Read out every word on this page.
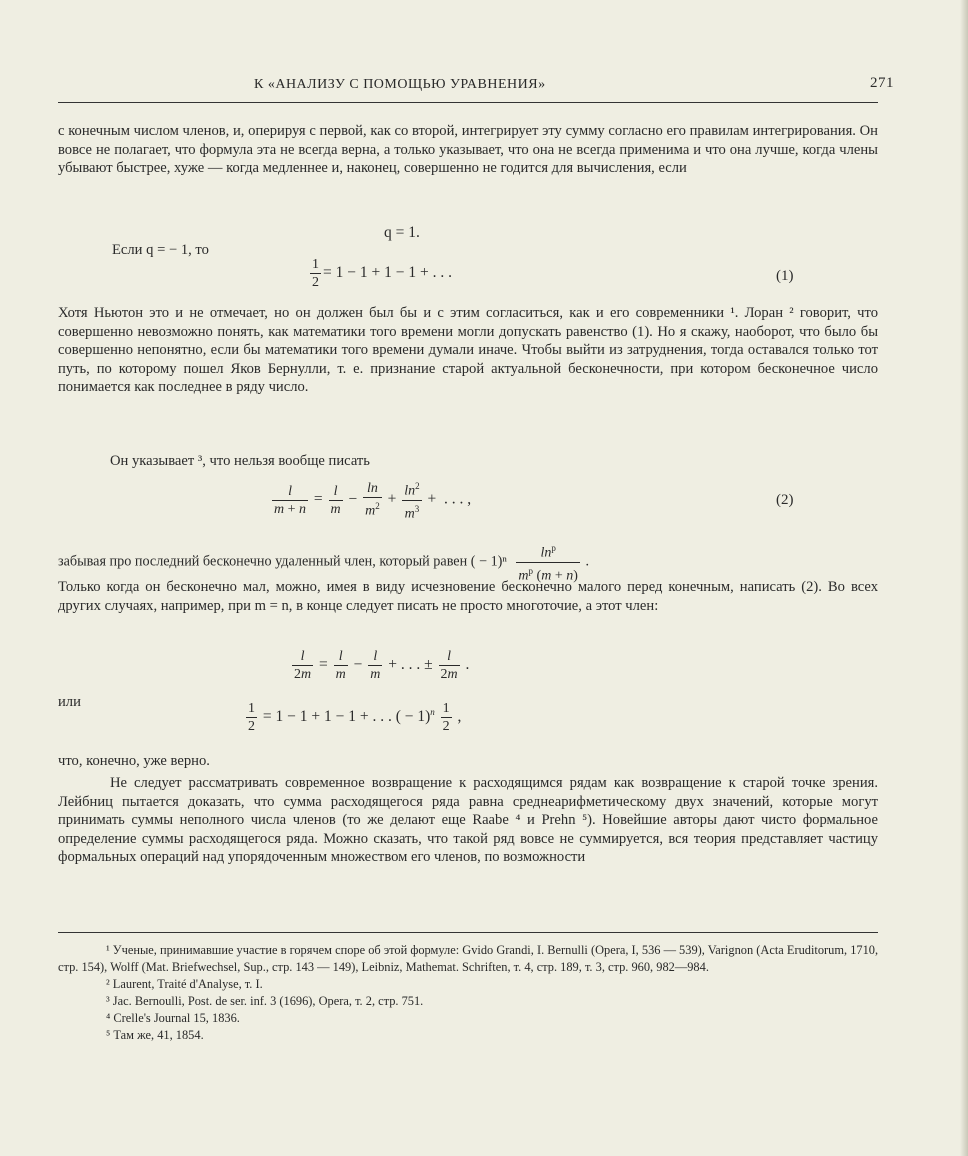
К «АНАЛИЗУ С ПОМОЩЬЮ УРАВНЕНИЯ»	271

с конечным числом членов, и, оперируя с первой, как со второй, интегрирует эту сумму согласно его правилам интегрирования. Он вовсе не полагает, что формула эта не всегда верна, а только указывает, что она не всегда применима и что она лучше, когда члены убывают быстрее, хуже — когда медленнее и, наконец, совершенно не годится для вычисления, если

q = 1.
Если q = − 1, то
$\frac{1}{2} = 1 - 1 + 1 - 1$ + . . .	(1)

Хотя Ньютон это и не отмечает, но он должен был бы и с этим согласиться, как и его современники ¹. Лоран ² говорит, что совершенно невозможно понять, как математики того времени могли допускать равенство (1). Но я скажу, наоборот, что было бы совершенно непонятно, если бы математики того времени думали иначе. Чтобы выйти из затруднения, тогда оставался только тот путь, по которому пошел Яков Бернулли, т. е. признание старой актуальной бесконечности, при котором бесконечное число понимается как последнее в ряду число.

Он указывает ³, что нельзя вообще писать

$\frac{l}{m + n} = \frac{l}{m} - \frac{\ln}{m^2} + \frac{\ln^2}{m^3}$ +  . . . ,	(2)
забывая про последний бесконечно удаленный член, который равен ( − $1)^n \frac{\ln^p}{m^p (m + n)}$ .

Только когда он бесконечно мал, можно, имея в виду исчезновение бесконечно малого перед конечным, написать (2). Во всех других случаях, например, при m = n, в конце следует писать не просто многоточие, а этот член:

$\frac{l}{2m} = \frac{l}{m} - \frac{l}{m}$ + . . . ± $\frac{l}{2m}$ .
или	$\frac{1}{2} = 1 - 1 + 1 - 1$ + . . . ( − $1)^n \frac{1}{2}$ ,

что, конечно, уже верно.

Не следует рассматривать современное возвращение к расходящимся рядам как возвращение к старой точке зрения. Лейбниц пытается доказать, что сумма расходящегося ряда равна среднеарифметическому двух значений, которые могут принимать суммы неполного числа членов (то же делают еще Raabe ⁴ и Prehn ⁵). Новейшие авторы дают чисто формальное определение суммы расходящегося ряда. Можно сказать, что такой ряд вовсе не суммируется, вся теория представляет частицу формальных операций над упорядоченным множеством его членов, по возможности

¹ Ученые, принимавшие участие в горячем споре об этой формуле: Gvido Grandi, I. Bernulli (Opera, I, 536 — 539), Varignon (Acta Eruditorum, 1710, стр. 154), Wolff (Mat. Briefwechsel, Sup., стр. 143 — 149), Leibniz, Mathemat. Schriften, т. 4, стр. 189, т. 3, стр. 960, 982—984.

² Laurent, Traité d'Analyse, т. I.

³ Jac. Bernoulli, Post. de ser. inf. 3 (1696), Opera, т. 2, стр. 751.

⁴ Crelle's Journal 15, 1836.

⁵ Там же, 41, 1854.
